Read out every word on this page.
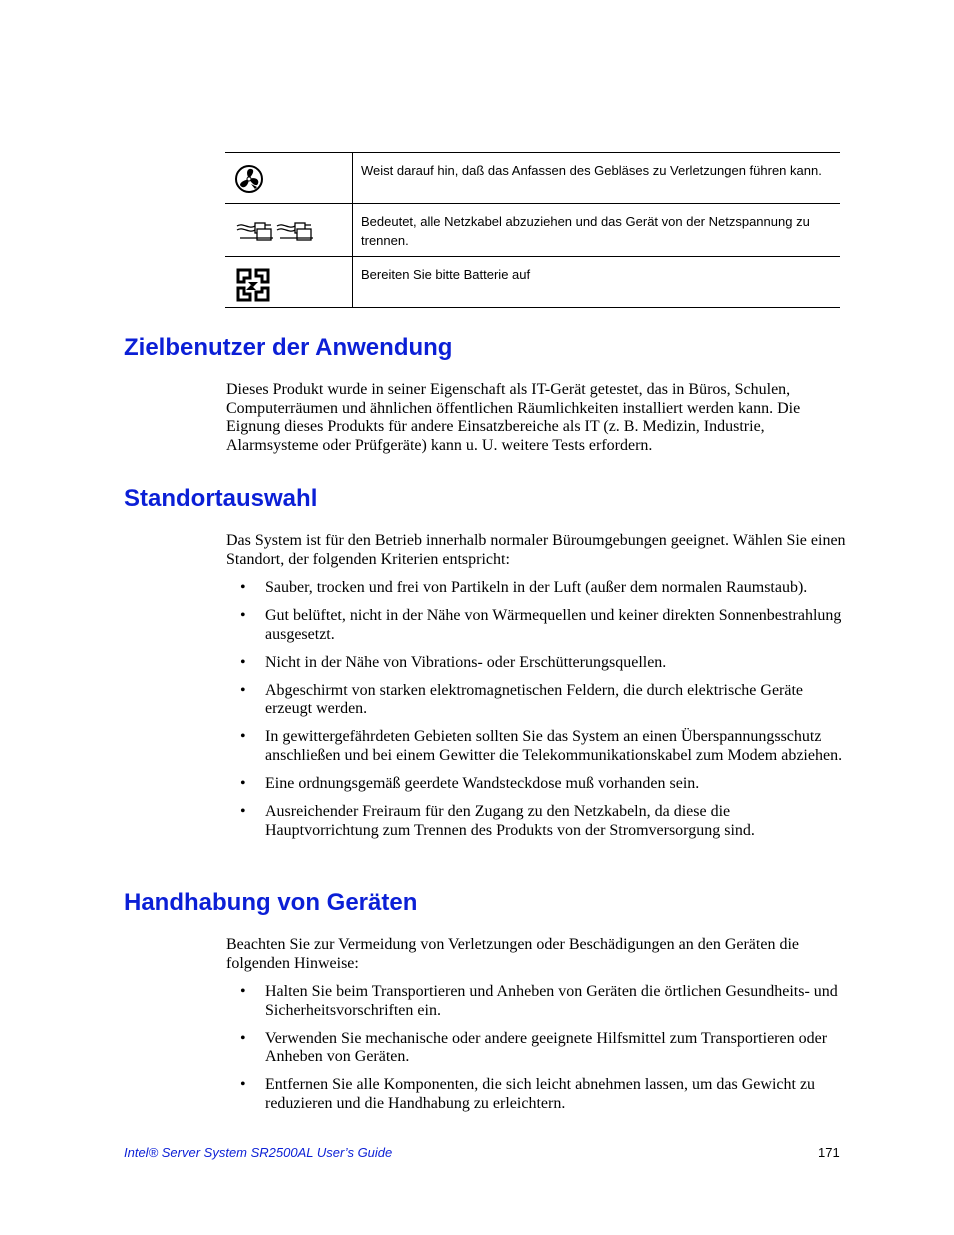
	Weist darauf hin, daß das Anfassen des Gebläses zu Verletzungen führen kann.

	Bedeutet, alle Netzkabel abzuziehen und das Gerät von der Netzspannung zu trennen.

	Bereiten Sie bitte Batterie auf
Zielbenutzer der Anwendung

Dieses Produkt wurde in seiner Eigenschaft als IT-Gerät getestet, das in Büros, Schulen, Computerräumen und ähnlichen öffentlichen Räumlichkeiten installiert werden kann. Die Eignung dieses Produkts für andere Einsatzbereiche als IT (z. B. Medizin, Industrie, Alarmsysteme oder Prüfgeräte) kann u. U. weitere Tests erfordern.

Standortauswahl

Das System ist für den Betrieb innerhalb normaler Büroumgebungen geeignet. Wählen Sie einen Standort, der folgenden Kriterien entspricht:

• Sauber, trocken und frei von Partikeln in der Luft (außer dem normalen Raumstaub).
• Gut belüftet, nicht in der Nähe von Wärmequellen und keiner direkten Sonnenbestrahlung ausgesetzt.
• Nicht in der Nähe von Vibrations- oder Erschütterungsquellen.
• Abgeschirmt von starken elektromagnetischen Feldern, die durch elektrische Geräte erzeugt werden.
• In gewittergefährdeten Gebieten sollten Sie das System an einen Überspannungsschutz anschließen und bei einem Gewitter die Telekommunikationskabel zum Modem abziehen.
• Eine ordnungsgemäß geerdete Wandsteckdose muß vorhanden sein.
• Ausreichender Freiraum für den Zugang zu den Netzkabeln, da diese die Hauptvorrichtung zum Trennen des Produkts von der Stromversorgung sind.
Handhabung von Geräten

Beachten Sie zur Vermeidung von Verletzungen oder Beschädigungen an den Geräten die folgenden Hinweise:

• Halten Sie beim Transportieren und Anheben von Geräten die örtlichen Gesundheits- und Sicherheitsvorschriften ein.
• Verwenden Sie mechanische oder andere geeignete Hilfsmittel zum Transportieren oder Anheben von Geräten.
• Entfernen Sie alle Komponenten, die sich leicht abnehmen lassen, um das Gewicht zu reduzieren und die Handhabung zu erleichtern.
Intel® Server System SR2500AL User’s Guide	171
